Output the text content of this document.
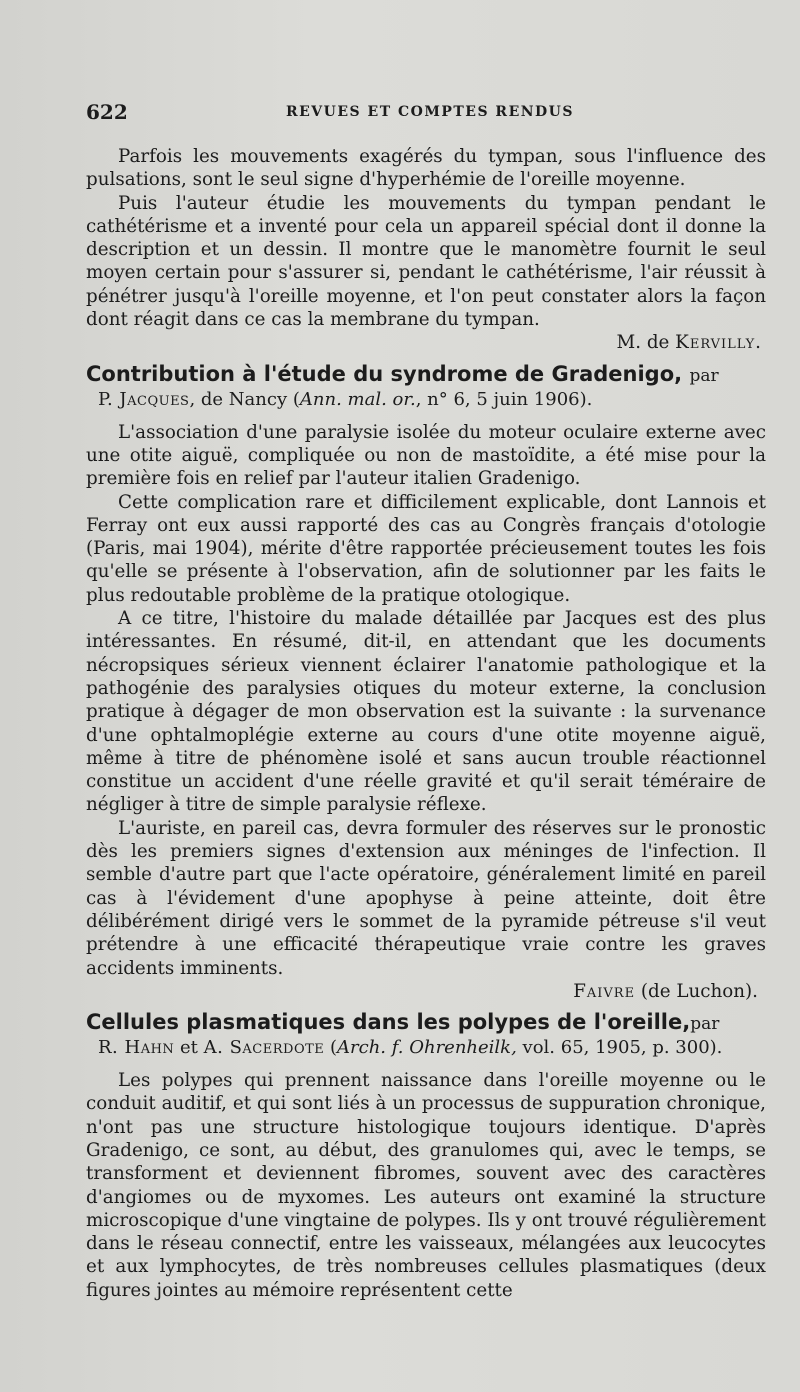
622	REVUES ET COMPTES RENDUS

Parfois les mouvements exagérés du tympan, sous l'influence des pulsations, sont le seul signe d'hyperhémie de l'oreille moyenne.

Puis l'auteur étudie les mouvements du tympan pendant le cathétérisme et a inventé pour cela un appareil spécial dont il donne la description et un dessin. Il montre que le manomètre fournit le seul moyen certain pour s'assurer si, pendant le cathétérisme, l'air réussit à pénétrer jusqu'à l'oreille moyenne, et l'on peut constater alors la façon dont réagit dans ce cas la membrane du tympan.

M. de Kervilly.

Contribution à l'étude du syndrome de Gradenigo, par
P. Jacques, de Nancy (Ann. mal. or., n° 6, 5 juin 1906).

L'association d'une paralysie isolée du moteur oculaire externe avec une otite aiguë, compliquée ou non de mastoïdite, a été mise pour la première fois en relief par l'auteur italien Gradenigo.

Cette complication rare et difficilement explicable, dont Lannois et Ferray ont eux aussi rapporté des cas au Congrès français d'otologie (Paris, mai 1904), mérite d'être rapportée précieusement toutes les fois qu'elle se présente à l'observation, afin de solutionner par les faits le plus redoutable problème de la pratique otologique.

A ce titre, l'histoire du malade détaillée par Jacques est des plus intéressantes. En résumé, dit-il, en attendant que les documents nécropsiques sérieux viennent éclairer l'anatomie pathologique et la pathogénie des paralysies otiques du moteur externe, la conclusion pratique à dégager de mon observation est la suivante : la survenance d'une ophtalmoplégie externe au cours d'une otite moyenne aiguë, même à titre de phénomène isolé et sans aucun trouble réactionnel constitue un accident d'une réelle gravité et qu'il serait téméraire de négliger à titre de simple paralysie réflexe.

L'auriste, en pareil cas, devra formuler des réserves sur le pronostic dès les premiers signes d'extension aux méninges de l'infection. Il semble d'autre part que l'acte opératoire, généralement limité en pareil cas à l'évidement d'une apophyse à peine atteinte, doit être délibérément dirigé vers le sommet de la pyramide pétreuse s'il veut prétendre à une efficacité thérapeutique vraie contre les graves accidents imminents.

Faivre (de Luchon).

Cellules plasmatiques dans les polypes de l'oreille,par
R. Hahn et A. Sacerdote (Arch. f. Ohrenheilk, vol. 65, 1905, p. 300).

Les polypes qui prennent naissance dans l'oreille moyenne ou le conduit auditif, et qui sont liés à un processus de suppuration chronique, n'ont pas une structure histologique toujours identique. D'après Gradenigo, ce sont, au début, des granulomes qui, avec le temps, se transforment et deviennent fibromes, souvent avec des caractères d'angiomes ou de myxomes. Les auteurs ont examiné la structure microscopique d'une vingtaine de polypes. Ils y ont trouvé régulièrement dans le réseau connectif, entre les vaisseaux, mélangées aux leucocytes et aux lymphocytes, de très nombreuses cellules plasmatiques (deux figures jointes au mémoire représentent cette
